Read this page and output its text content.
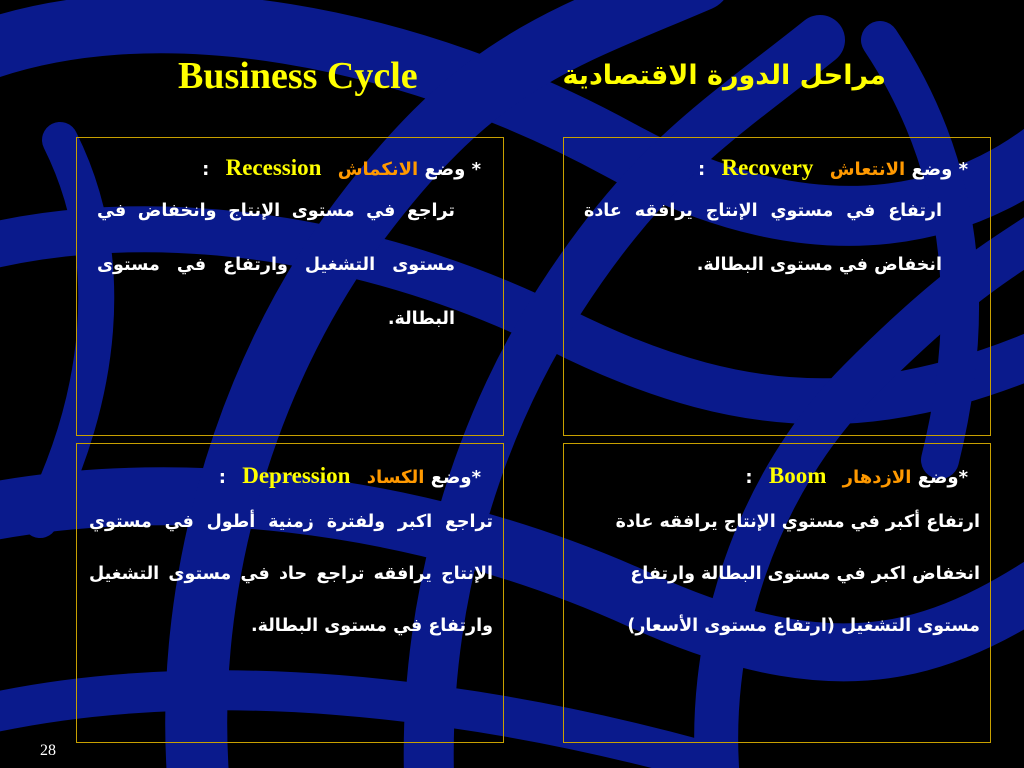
Business Cycle	مراحل الدورة الاقتصادية
* وضع الانتعاش Recovery :
ارتفاع في مستوي الإنتاج يرافقه عادة انخفاض في مستوى البطالة.
* وضع الانكماش Recession :
تراجع في مستوى الإنتاج وانخفاض في مستوى التشغيل وارتفاع في مستوى البطالة.
*وضع الازدهار Boom :
ارتفاع أكبر في مستوي الإنتاج يرافقه عادة انخفاض اكبر في مستوى البطالة وارتفاع مستوى التشغيل (ارتفاع مستوى الأسعار)
*وضع الكساد Depression :
تراجع اكبر ولفترة زمنية أطول في مستوي الإنتاج يرافقه تراجع حاد في مستوى التشغيل وارتفاع في مستوى البطالة.
28
